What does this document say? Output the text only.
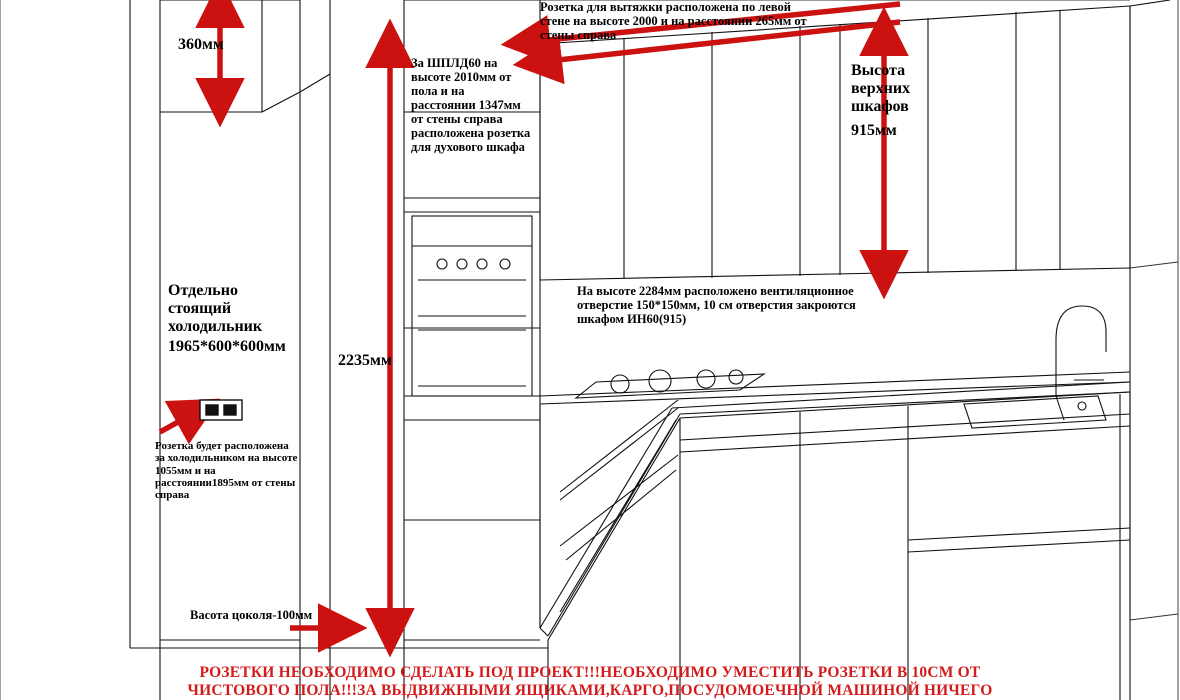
360мм
Розетка для вытяжки расположена по левой стене на высоте 2000 и на расстоянии 265мм от стены справа
За ШПЛД60 на высоте 2010мм от пола и на расстоянии 1347мм от стены справа расположена розетка для духового шкафа
Высота верхних шкафов
915мм
Отдельно стоящий холодильник
1965*600*600мм
На высоте 2284мм расположено вентиляционное отверстие 150*150мм, 10 см отверстия закроются шкафом ИН60(915)
Розетка будет расположена за холодильником на высоте 1055мм и на расстоянии1895мм от стены справа
2235мм
Васота цоколя-100мм
РОЗЕТКИ НЕОБХОДИМО СДЕЛАТЬ ПОД ПРОЕКТ!!!НЕОБХОДИМО УМЕСТИТЬ РОЗЕТКИ В 10СМ ОТ
ЧИСТОВОГО ПОЛА!!!ЗА ВЫДВИЖНЫМИ ЯЩИКАМИ,КАРГО,ПОСУДОМОЕЧНОЙ МАШИНОЙ НИЧЕГО
